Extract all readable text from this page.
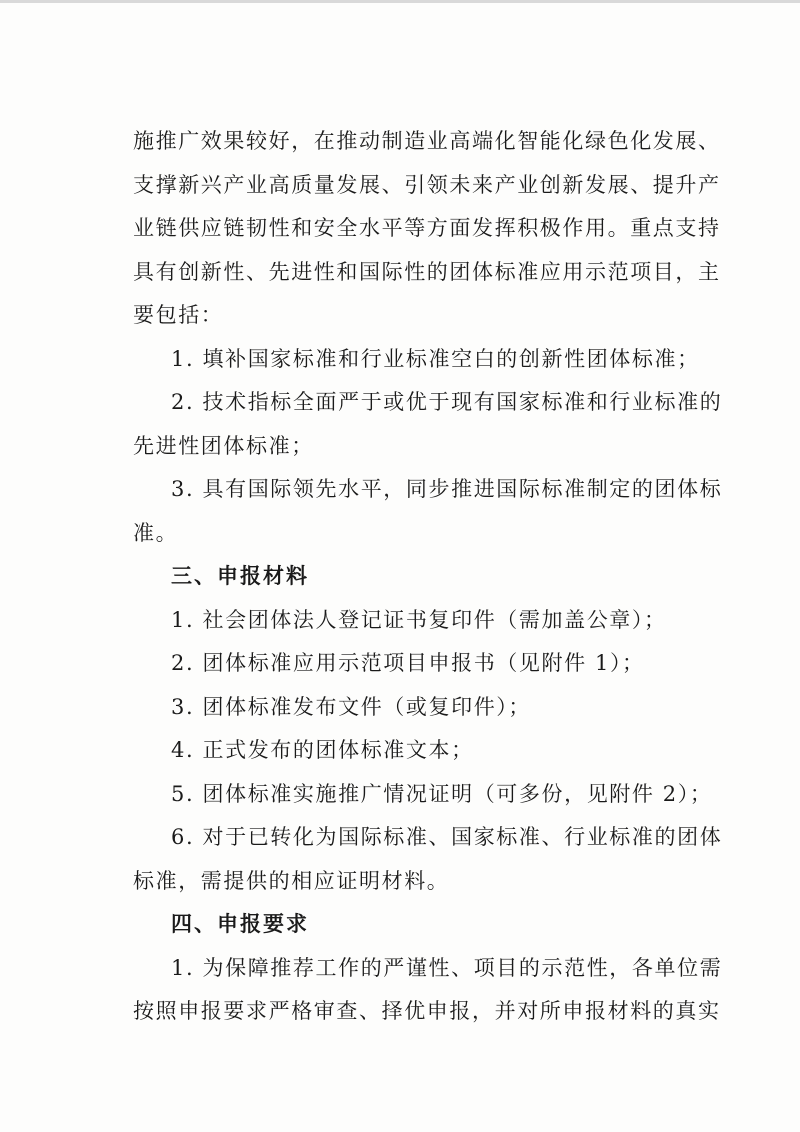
施推广效果较好，在推动制造业高端化智能化绿色化发展、
支撑新兴产业高质量发展、引领未来产业创新发展、提升产
业链供应链韧性和安全水平等方面发挥积极作用。重点支持
具有创新性、先进性和国际性的团体标准应用示范项目，主
要包括：
1. 填补国家标准和行业标准空白的创新性团体标准；
2. 技术指标全面严于或优于现有国家标准和行业标准的
先进性团体标准；
3. 具有国际领先水平，同步推进国际标准制定的团体标
准。
三、申报材料
1. 社会团体法人登记证书复印件（需加盖公章）；
2. 团体标准应用示范项目申报书（见附件 1）；
3. 团体标准发布文件（或复印件）；
4. 正式发布的团体标准文本；
5. 团体标准实施推广情况证明（可多份，见附件 2）；
6. 对于已转化为国际标准、国家标准、行业标准的团体
标准，需提供的相应证明材料。
四、申报要求
1. 为保障推荐工作的严谨性、项目的示范性，各单位需
按照申报要求严格审查、择优申报，并对所申报材料的真实
